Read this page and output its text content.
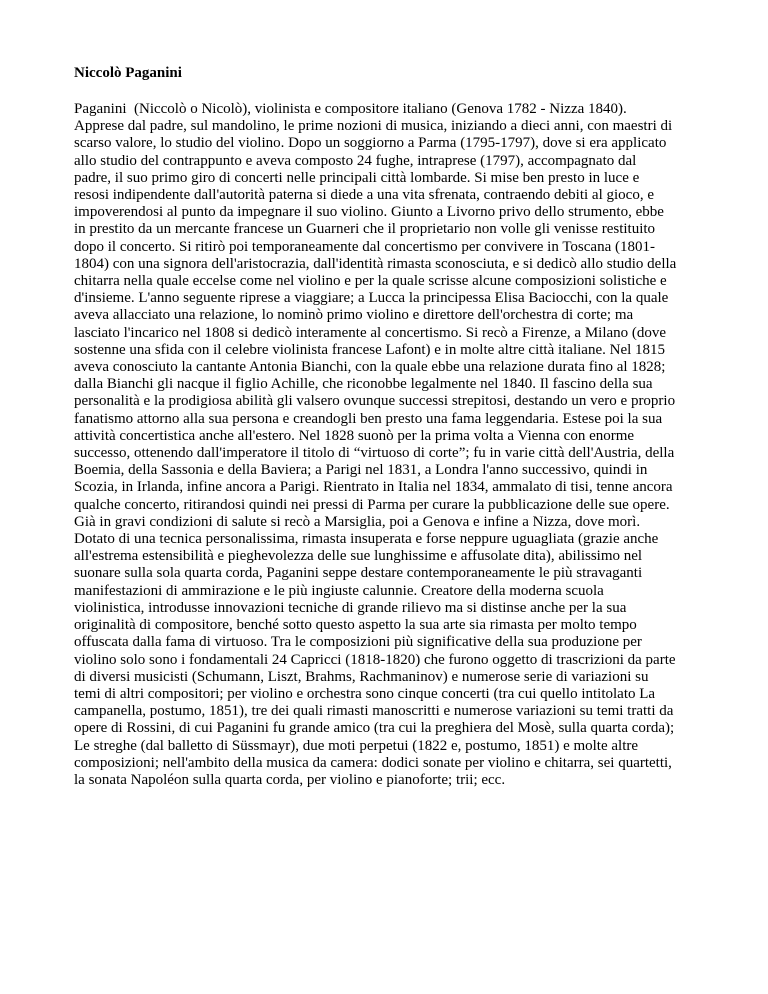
Niccolò Paganini
Paganini  (Niccolò o Nicolò), violinista e compositore italiano (Genova 1782 - Nizza 1840).
Apprese dal padre, sul mandolino, le prime nozioni di musica, iniziando a dieci anni, con maestri di
scarso valore, lo studio del violino. Dopo un soggiorno a Parma (1795-1797), dove si era applicato
allo studio del contrappunto e aveva composto 24 fughe, intraprese (1797), accompagnato dal
padre, il suo primo giro di concerti nelle principali città lombarde. Si mise ben presto in luce e
resosi indipendente dall'autorità paterna si diede a una vita sfrenata, contraendo debiti al gioco, e
impoverendosi al punto da impegnare il suo violino. Giunto a Livorno privo dello strumento, ebbe
in prestito da un mercante francese un Guarneri che il proprietario non volle gli venisse restituito
dopo il concerto. Si ritirò poi temporaneamente dal concertismo per convivere in Toscana (1801-
1804) con una signora dell'aristocrazia, dall'identità rimasta sconosciuta, e si dedicò allo studio della
chitarra nella quale eccelse come nel violino e per la quale scrisse alcune composizioni solistiche e
d'insieme. L'anno seguente riprese a viaggiare; a Lucca la principessa Elisa Baciocchi, con la quale
aveva allacciato una relazione, lo nominò primo violino e direttore dell'orchestra di corte; ma
lasciato l'incarico nel 1808 si dedicò interamente al concertismo. Si recò a Firenze, a Milano (dove
sostenne una sfida con il celebre violinista francese Lafont) e in molte altre città italiane. Nel 1815
aveva conosciuto la cantante Antonia Bianchi, con la quale ebbe una relazione durata fino al 1828;
dalla Bianchi gli nacque il figlio Achille, che riconobbe legalmente nel 1840. Il fascino della sua
personalità e la prodigiosa abilità gli valsero ovunque successi strepitosi, destando un vero e proprio
fanatismo attorno alla sua persona e creandogli ben presto una fama leggendaria. Estese poi la sua
attività concertistica anche all'estero. Nel 1828 suonò per la prima volta a Vienna con enorme
successo, ottenendo dall'imperatore il titolo di “virtuoso di corte”; fu in varie città dell'Austria, della
Boemia, della Sassonia e della Baviera; a Parigi nel 1831, a Londra l'anno successivo, quindi in
Scozia, in Irlanda, infine ancora a Parigi. Rientrato in Italia nel 1834, ammalato di tisi, tenne ancora
qualche concerto, ritirandosi quindi nei pressi di Parma per curare la pubblicazione delle sue opere.
Già in gravi condizioni di salute si recò a Marsiglia, poi a Genova e infine a Nizza, dove morì.
Dotato di una tecnica personalissima, rimasta insuperata e forse neppure uguagliata (grazie anche
all'estrema estensibilità e pieghevolezza delle sue lunghissime e affusolate dita), abilissimo nel
suonare sulla sola quarta corda, Paganini seppe destare contemporaneamente le più stravaganti
manifestazioni di ammirazione e le più ingiuste calunnie. Creatore della moderna scuola
violinistica, introdusse innovazioni tecniche di grande rilievo ma si distinse anche per la sua
originalità di compositore, benché sotto questo aspetto la sua arte sia rimasta per molto tempo
offuscata dalla fama di virtuoso. Tra le composizioni più significative della sua produzione per
violino solo sono i fondamentali 24 Capricci (1818-1820) che furono oggetto di trascrizioni da parte
di diversi musicisti (Schumann, Liszt, Brahms, Rachmaninov) e numerose serie di variazioni su
temi di altri compositori; per violino e orchestra sono cinque concerti (tra cui quello intitolato La
campanella, postumo, 1851), tre dei quali rimasti manoscritti e numerose variazioni su temi tratti da
opere di Rossini, di cui Paganini fu grande amico (tra cui la preghiera del Mosè, sulla quarta corda);
Le streghe (dal balletto di Süssmayr), due moti perpetui (1822 e, postumo, 1851) e molte altre
composizioni; nell'ambito della musica da camera: dodici sonate per violino e chitarra, sei quartetti,
la sonata Napoléon sulla quarta corda, per violino e pianoforte; trii; ecc.
